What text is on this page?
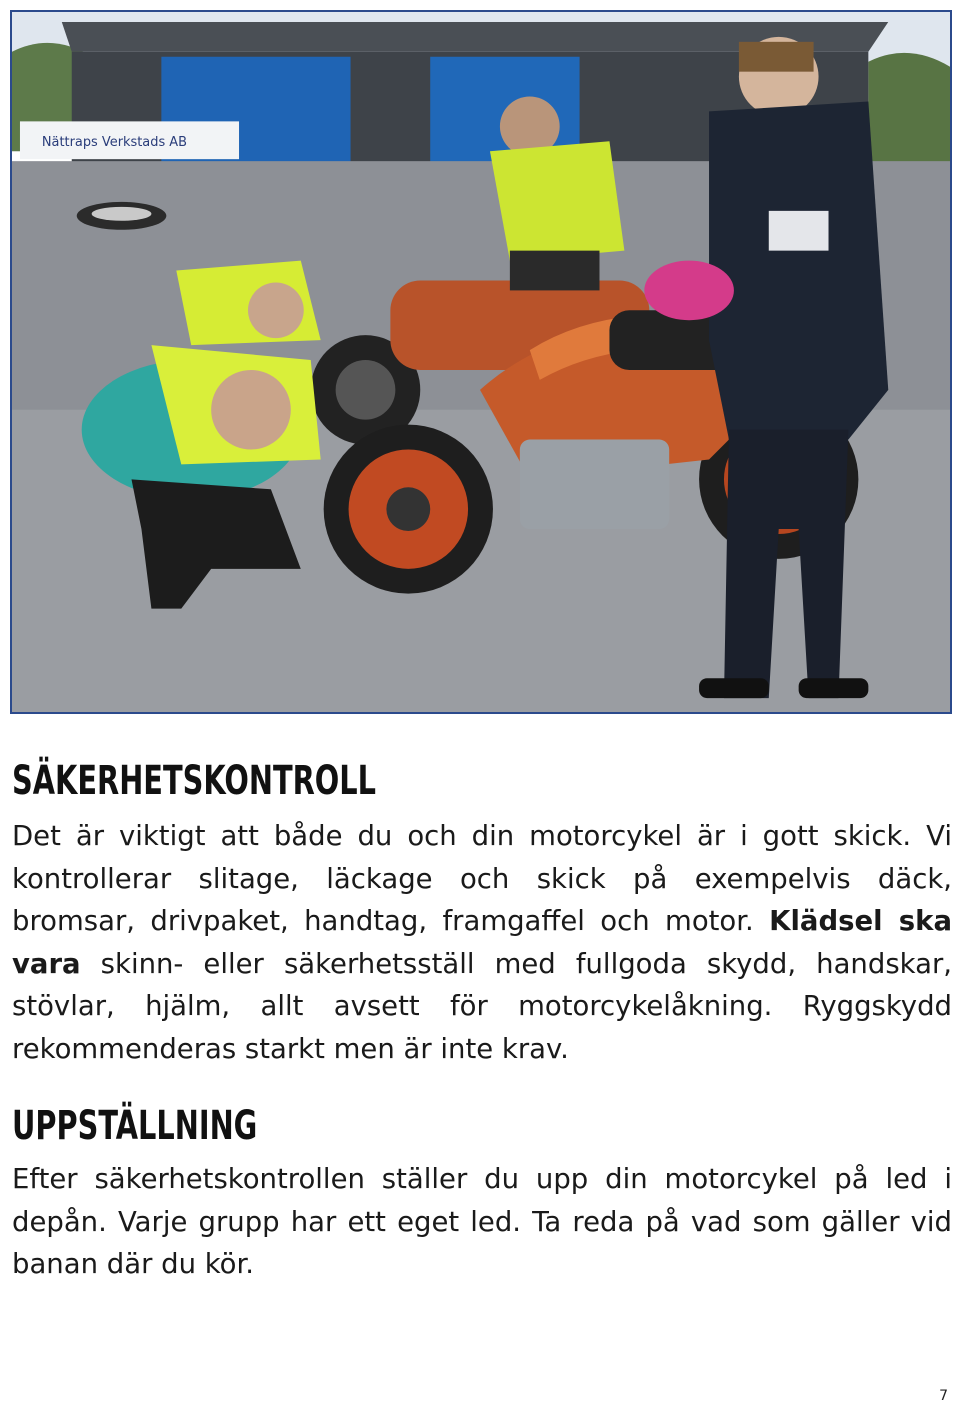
Nättraps Verkstads AB
SÄKERHETSKONTROLL

Det är viktigt att både du och din motorcykel är i gott skick. Vi kontrollerar slitage, läckage och skick på exempelvis däck, bromsar, drivpaket, handtag, framgaffel och motor. Klädsel ska vara skinn- eller säkerhetsställ med fullgoda skydd, handskar, stövlar, hjälm, allt avsett för motorcykelåkning. Ryggskydd rekommenderas starkt men är inte krav.

UPPSTÄLLNING

Efter säkerhetskontrollen ställer du upp din motorcykel på led i depån. Varje grupp har ett eget led. Ta reda på vad som gäller vid banan där du kör.

7
